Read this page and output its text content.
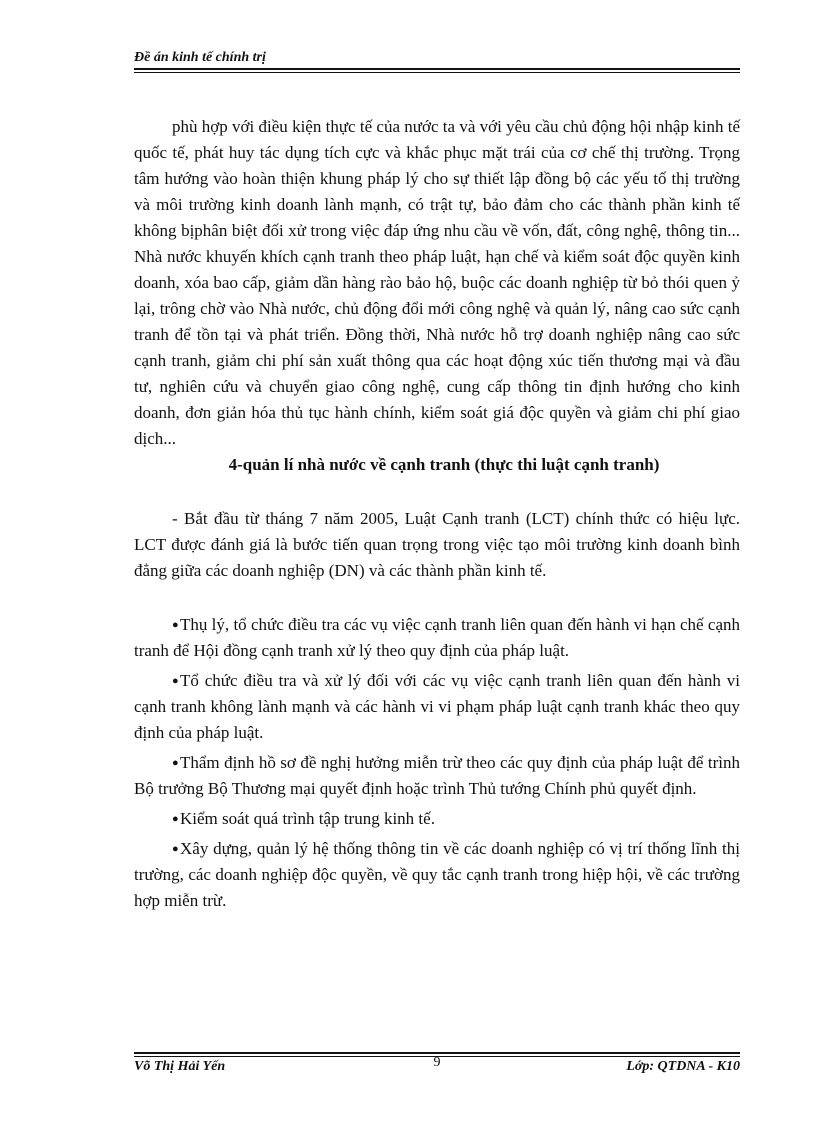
Đề án kinh tế chính trị

phù hợp với điều kiện thực tế của nước ta và với yêu cầu chủ động hội nhập kinh tế quốc tế, phát huy tác dụng tích cực và khắc phục mặt trái của cơ chế thị trường. Trọng tâm hướng vào hoàn thiện khung pháp lý cho sự thiết lập đồng bộ các yếu tố thị trường và môi trường kinh doanh lành mạnh, có trật tự, bảo đảm cho các thành phần kinh tế không bịphân biệt đối xử trong việc đáp ứng nhu cầu về vốn, đất, công nghệ, thông tin... Nhà nước khuyến khích cạnh tranh theo pháp luật, hạn chế và kiểm soát độc quyền kinh doanh, xóa bao cấp, giảm dần hàng rào bảo hộ, buộc các doanh nghiệp từ bỏ thói quen ỷ lại, trông chờ vào Nhà nước, chủ động đổi mới công nghệ và quản lý, nâng cao sức cạnh tranh để tồn tại và phát triển. Đồng thời, Nhà nước hỗ trợ doanh nghiệp nâng cao sức cạnh tranh, giảm chi phí sản xuất thông qua các hoạt động xúc tiến thương mại và đầu tư, nghiên cứu và chuyển giao công nghệ, cung cấp thông tin định hướng cho kinh doanh, đơn giản hóa thủ tục hành chính, kiểm soát giá độc quyền và giảm chi phí giao dịch...

4-quản lí nhà nước về cạnh tranh (thực thi luật cạnh tranh)

- Bắt đầu từ tháng 7 năm 2005, Luật Cạnh tranh (LCT) chính thức có hiệu lực. LCT được đánh giá là bước tiến quan trọng trong việc tạo môi trường kinh doanh bình đẳng giữa các doanh nghiệp (DN) và các thành phần kinh tế.

●Thụ lý, tổ chức điều tra các vụ việc cạnh tranh liên quan đến hành vi hạn chế cạnh tranh để Hội đồng cạnh tranh xử lý theo quy định của pháp luật.

●Tổ chức điều tra và xử lý đối với các vụ việc cạnh tranh liên quan đến hành vi cạnh tranh không lành mạnh và các hành vi vi phạm pháp luật cạnh tranh khác theo quy định của pháp luật.

●Thẩm định hồ sơ đề nghị hưởng miễn trừ theo các quy định của pháp luật để trình Bộ trưởng Bộ Thương mại quyết định hoặc trình Thủ tướng Chính phủ quyết định.

●Kiểm soát quá trình tập trung kinh tế.

●Xây dựng, quản lý hệ thống thông tin về các doanh nghiệp có vị trí thống lĩnh thị trường, các doanh nghiệp độc quyền, về quy tắc cạnh tranh trong hiệp hội, về các trường hợp miễn trừ.

Võ Thị Hải Yến	9	Lớp: QTDNA - K10
